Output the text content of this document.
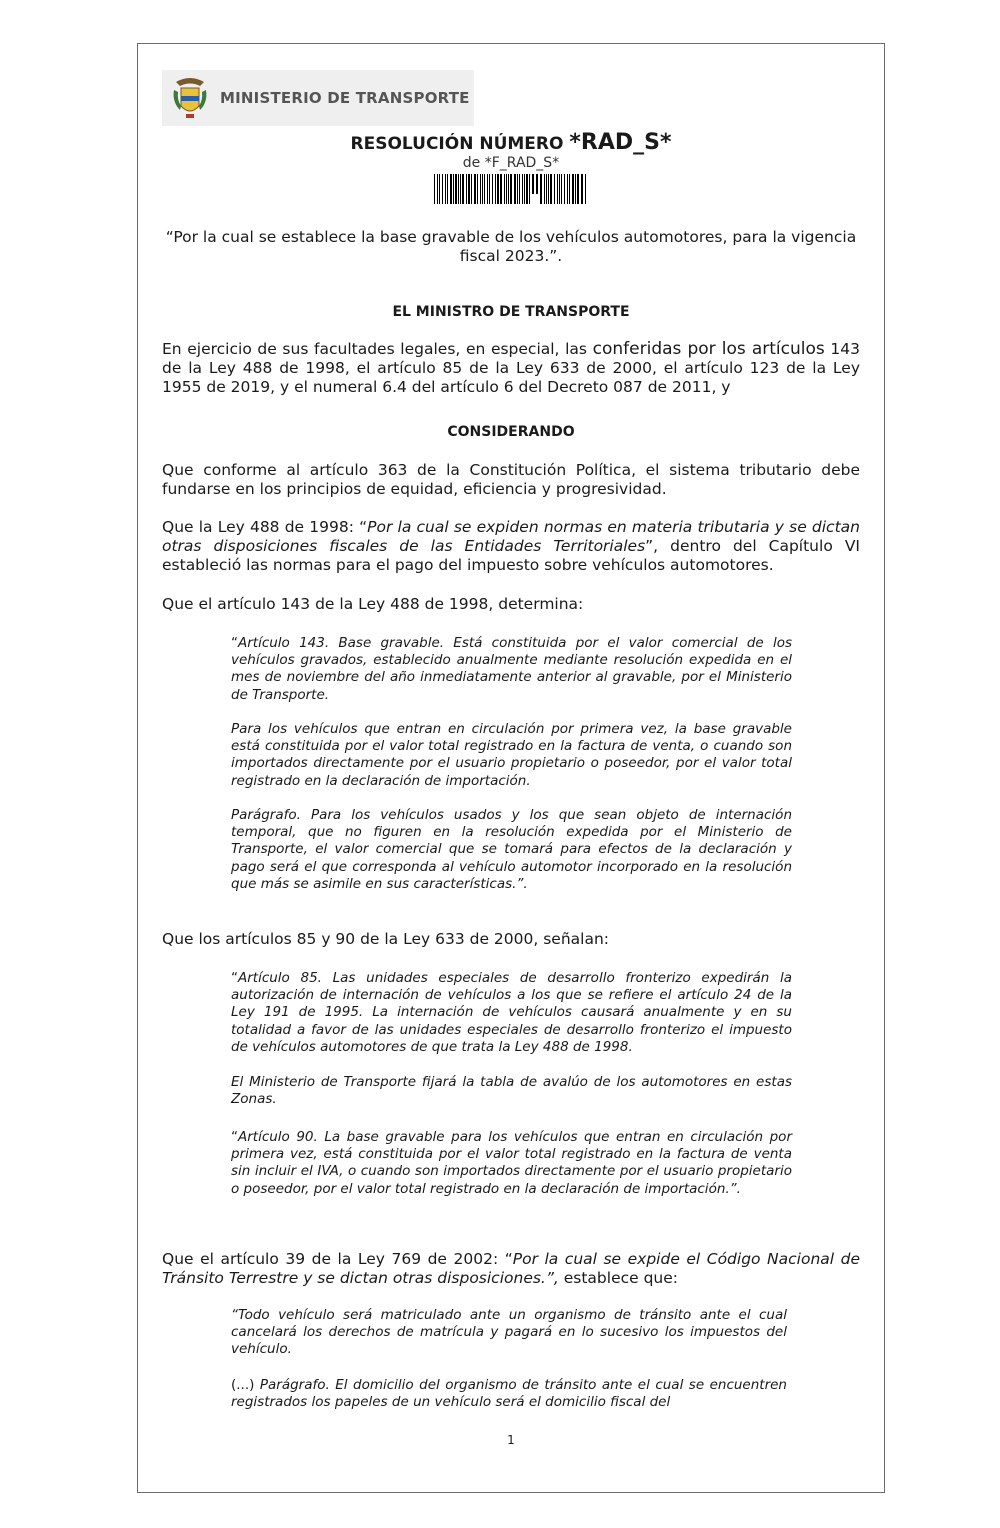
MINISTERIO DE TRANSPORTE
RESOLUCIÓN NÚMERO *RAD_S*
de *F_RAD_S*
“Por la cual se establece la base gravable de los vehículos automotores, para la vigencia fiscal 2023.”.
EL MINISTRO DE TRANSPORTE
En ejercicio de sus facultades legales, en especial, las conferidas por los artículos 143 de la Ley 488 de 1998, el artículo 85 de la Ley 633 de 2000, el artículo 123 de la Ley 1955 de 2019, y el numeral 6.4 del artículo 6 del Decreto 087 de 2011, y
CONSIDERANDO
Que conforme al artículo 363 de la Constitución Política, el sistema tributario debe fundarse en los principios de equidad, eficiencia y progresividad.
Que la Ley 488 de 1998: “Por la cual se expiden normas en materia tributaria y se dictan otras disposiciones fiscales de las Entidades Territoriales”, dentro del Capítulo VI estableció las normas para el pago del impuesto sobre vehículos automotores.
Que el artículo 143 de la Ley 488 de 1998, determina:
“Artículo 143. Base gravable. Está constituida por el valor comercial de los vehículos gravados, establecido anualmente mediante resolución expedida en el mes de noviembre del año inmediatamente anterior al gravable, por el Ministerio de Transporte.
Para los vehículos que entran en circulación por primera vez, la base gravable está constituida por el valor total registrado en la factura de venta, o cuando son importados directamente por el usuario propietario o poseedor, por el valor total registrado en la declaración de importación.
Parágrafo. Para los vehículos usados y los que sean objeto de internación temporal, que no figuren en la resolución expedida por el Ministerio de Transporte, el valor comercial que se tomará para efectos de la declaración y pago será el que corresponda al vehículo automotor incorporado en la resolución que más se asimile en sus características.”.
Que los artículos 85 y 90 de la Ley 633 de 2000, señalan:
“Artículo 85. Las unidades especiales de desarrollo fronterizo expedirán la autorización de internación de vehículos a los que se refiere el artículo 24 de la Ley 191 de 1995. La internación de vehículos causará anualmente y en su totalidad a favor de las unidades especiales de desarrollo fronterizo el impuesto de vehículos automotores de que trata la Ley 488 de 1998.
El Ministerio de Transporte fijará la tabla de avalúo de los automotores en estas Zonas.
“Artículo 90. La base gravable para los vehículos que entran en circulación por primera vez, está constituida por el valor total registrado en la factura de venta sin incluir el IVA, o cuando son importados directamente por el usuario propietario o poseedor, por el valor total registrado en la declaración de importación.”.
Que el artículo 39 de la Ley 769 de 2002: “Por la cual se expide el Código Nacional de Tránsito Terrestre y se dictan otras disposiciones.”, establece que:
“Todo vehículo será matriculado ante un organismo de tránsito ante el cual cancelará los derechos de matrícula y pagará en lo sucesivo los impuestos del vehículo.
(...) Parágrafo. El domicilio del organismo de tránsito ante el cual se encuentren registrados los papeles de un vehículo será el domicilio fiscal del
1
